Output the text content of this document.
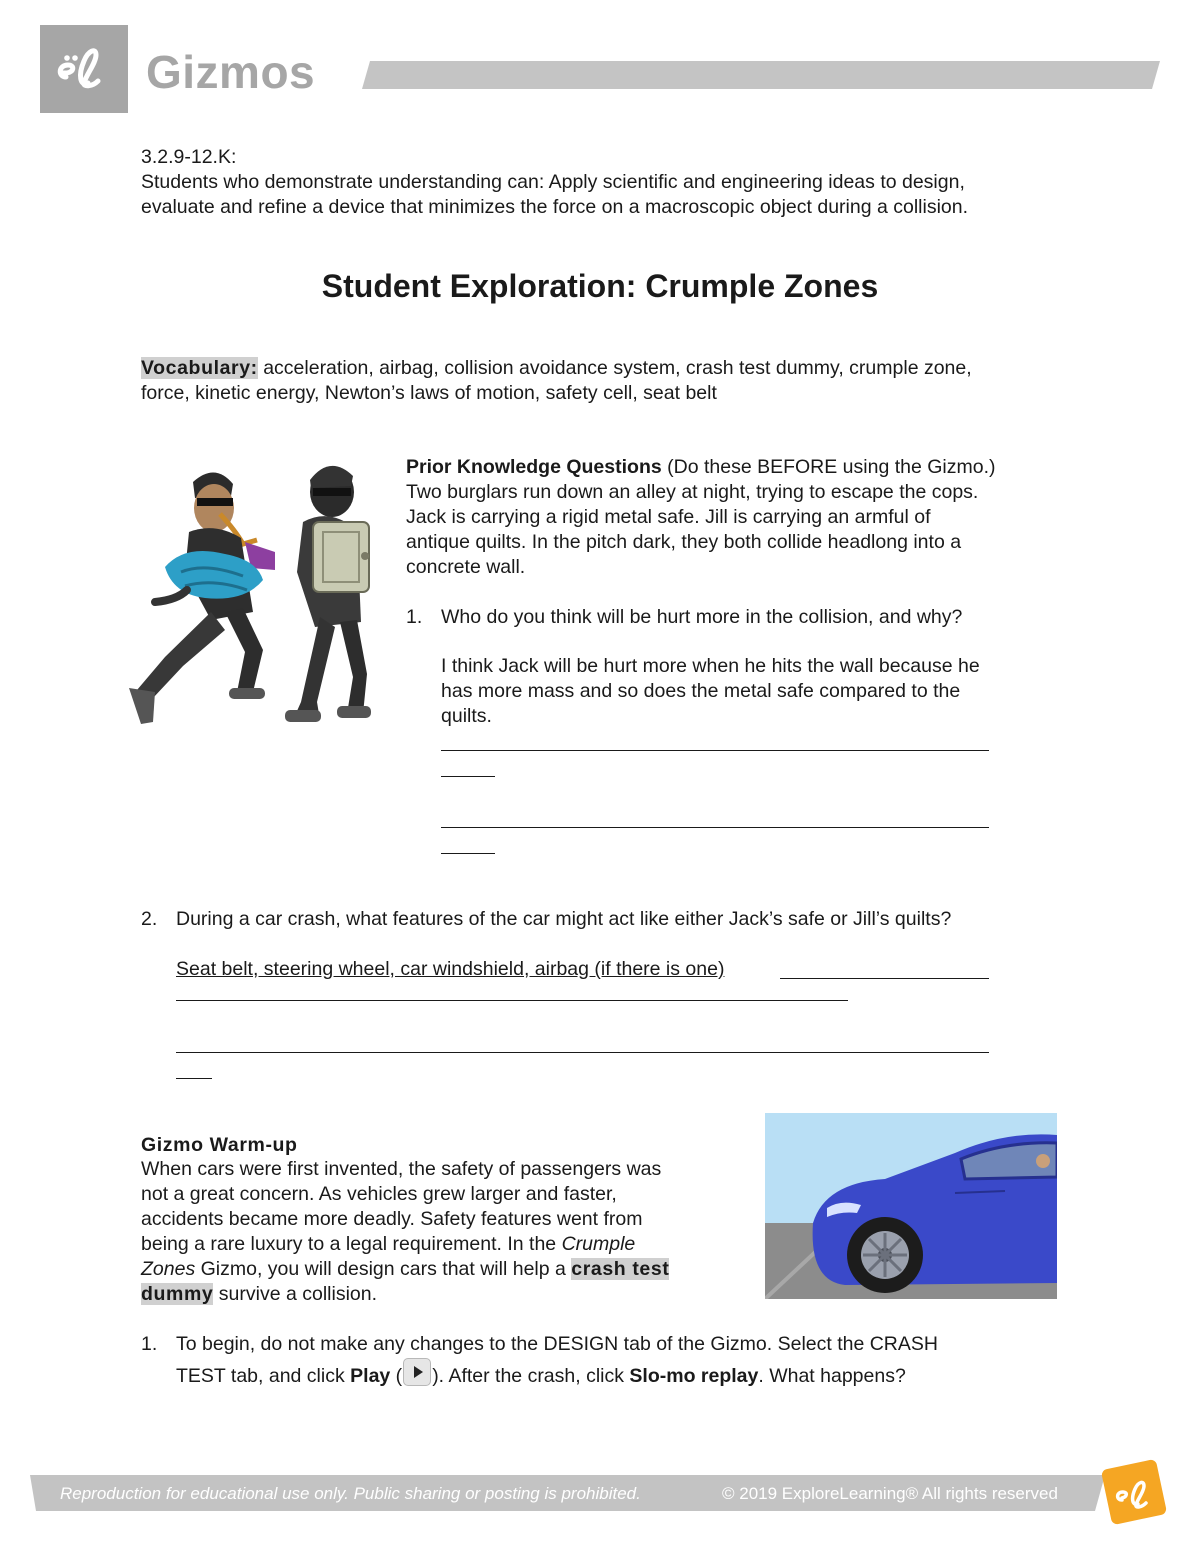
Gizmos
3.2.9-12.K:
Students who demonstrate understanding can: Apply scientific and engineering ideas to design,
evaluate and refine a device that minimizes the force on a macroscopic object during a collision.
Student Exploration: Crumple Zones
Vocabulary: acceleration, airbag, collision avoidance system, crash test dummy, crumple zone,
force, kinetic energy, Newton’s laws of motion, safety cell, seat belt
Prior Knowledge Questions (Do these BEFORE using the Gizmo.)
Two burglars run down an alley at night, trying to escape the cops.
Jack is carrying a rigid metal safe. Jill is carrying an armful of
antique quilts. In the pitch dark, they both collide headlong into a
concrete wall.
1. Who do you think will be hurt more in the collision, and why?
I think Jack will be hurt more when he hits the wall because he
has more mass and so does the metal safe compared to the
quilts.
2. During a car crash, what features of the car might act like either Jack’s safe or Jill’s quilts?
Seat belt, steering wheel, car windshield, airbag (if there is one)
Gizmo Warm-up
When cars were first invented, the safety of passengers was
not a great concern. As vehicles grew larger and faster,
accidents became more deadly. Safety features went from
being a rare luxury to a legal requirement. In the Crumple
Zones Gizmo, you will design cars that will help a crash test
dummy survive a collision.
1. To begin, do not make any changes to the DESIGN tab of the Gizmo. Select the CRASH
TEST tab, and click Play ( ). After the crash, click Slo-mo replay. What happens?
Reproduction for educational use only. Public sharing or posting is prohibited.	© 2019 ExploreLearning® All rights reserved
